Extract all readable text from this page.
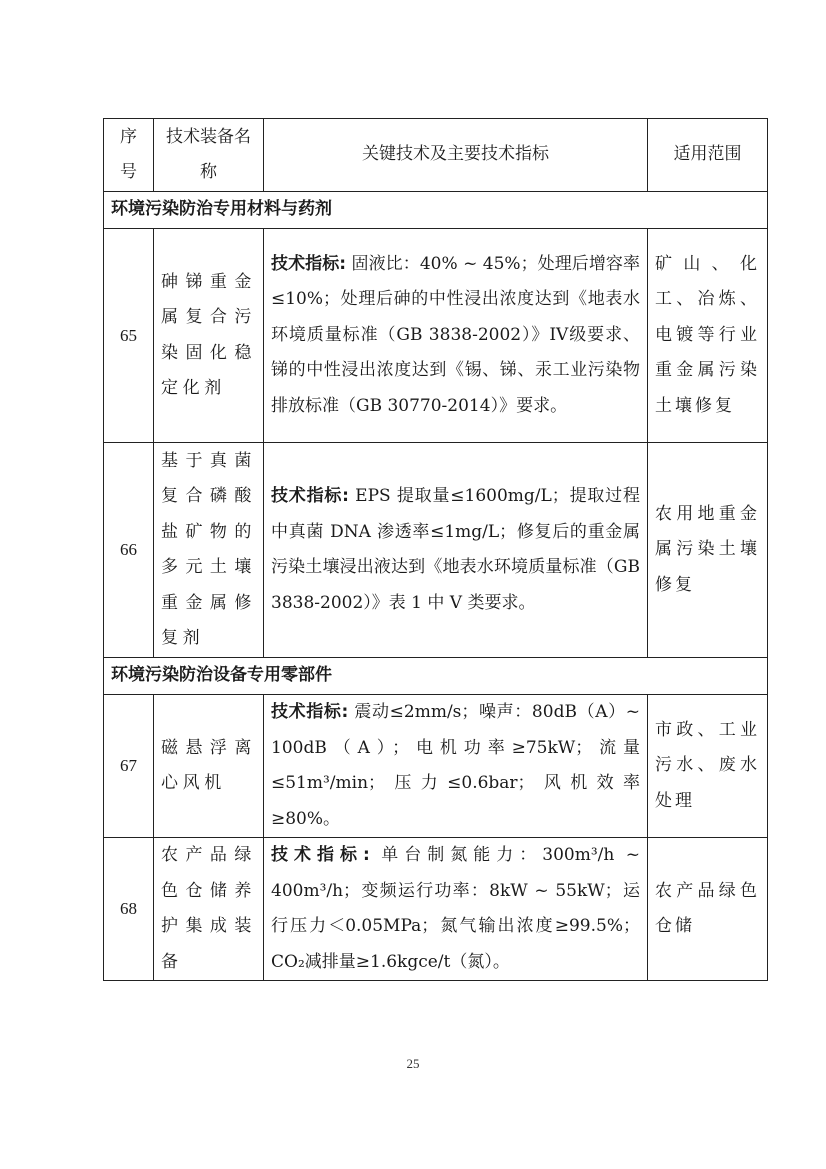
序号	技术装备名称	关键技术及主要技术指标	适用范围
环境污染防治专用材料与药剂			
65	砷锑重金属复合污染固化稳定化剂	技术指标: 固液比：40% ~ 45%；处理后增容率≤10%；处理后砷的中性浸出浓度达到《地表水环境质量标准（GB 3838-2002）》IV级要求、锑的中性浸出浓度达到《锡、锑、汞工业污染物排放标准（GB 30770-2014）》要求。	矿山、化工、冶炼、电镀等行业重金属污染土壤修复
66	基于真菌复合磷酸盐矿物的多元土壤重金属修复剂	技术指标: EPS 提取量≤1600mg/L；提取过程中真菌 DNA 渗透率≤1mg/L；修复后的重金属污染土壤浸出液达到《地表水环境质量标准（GB 3838-2002）》表 1 中 V 类要求。	农用地重金属污染土壤修复
环境污染防治设备专用零部件			
67	磁悬浮离心风机	技术指标: 震动≤2mm/s；噪声：80dB（A）~ 100dB（A）；电机功率≥75kW；流量≤51m³/min；压力≤0.6bar；风机效率≥80%。	市政、工业污水、废水处理
68	农产品绿色仓储养护集成装备	技术指标: 单台制氮能力：300m³/h ~ 400m³/h；变频运行功率：8kW ~ 55kW；运行压力＜0.05MPa；氮气输出浓度≥99.5%；CO₂减排量≥1.6kgce/t（氮）。	农产品绿色仓储
25
